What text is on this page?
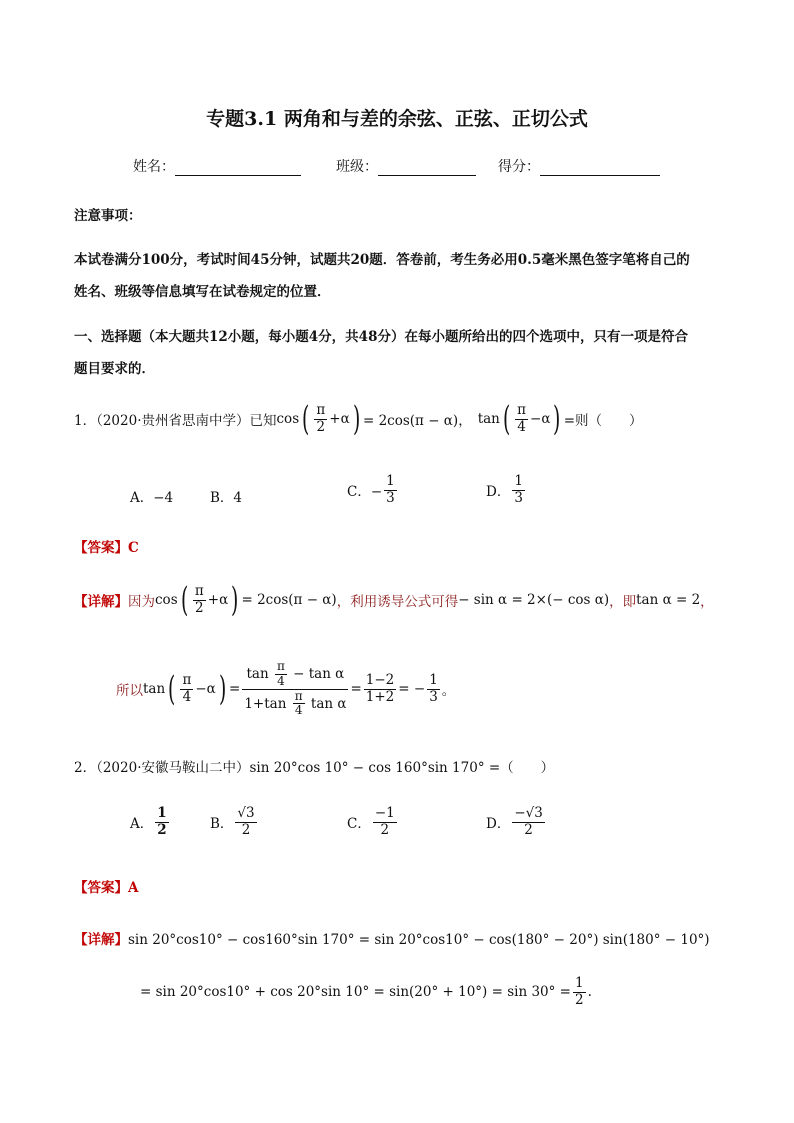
专题3.1 两角和与差的余弦、正弦、正切公式
姓名：	班级：	得分：
注意事项：
本试卷满分100分，考试时间45分钟，试题共20题．答卷前，考生务必用0.5毫米黑色签字笔将自己的
姓名、班级等信息填写在试卷规定的位置．
一、选择题（本大题共12小题，每小题4分，共48分）在每小题所给出的四个选项中，只有一项是符合
题目要求的．
1．（2020·贵州省思南中学）已知 cos ( $\frac{\pi}{2} +\alpha$ ) = 2cos(π − α)， tan ( $\frac{\pi}{4} -\alpha$ ) =则（　　）
A．−4	B．4	C．− $\frac{1}{3}$	D． $\frac{1}{3}$
【答案】C
【详解】 因为 cos ( $\frac{\pi}{2} +\alpha$ ) = 2cos(π − α) ，利用诱导公式可得 − sin α = 2×(− cos α) ，即 tan α = 2 ，
所以 tan ( $\frac{\pi}{4} -\alpha$ ) = $\frac{\tan \frac{\pi}{4} - \tan \alpha}{1+\tan \frac{\pi}{4} \tan \alpha} = \frac{1-2}{1+2}$ = − $\frac{1}{3}$ 。
2．（2020·安徽马鞍山二中）sin 20°cos 10° − cos 160°sin 170° =（　　）
A． $\frac{1}{2}$	B． $\frac{√3}{2}$	C． $\frac{-1}{2}$	D． $\frac{-√3}{2}$
【答案】A
【详解】sin 20°cos10° − cos160°sin 170° = sin 20°cos10° − cos(180° − 20°) sin(180° − 10°)
= sin 20°cos10° + cos 20°sin $10^\circ = \sin(20^\circ + 10^\circ) = \sin 30^\circ = \frac{1}{2}$ .
